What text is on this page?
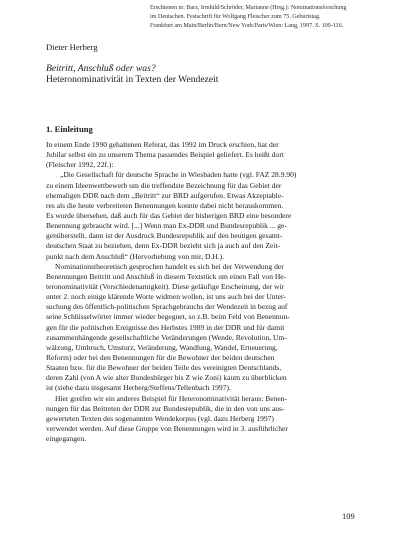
Erschienen in: Barz, Irmhild/Schröder, Marianne (Hrsg.): Nominationsforschung
im Deutschen. Festschrift für Wolfgang Fleischer zum 75. Geburtstag.
Frankfurt am Main/Berlin/Bern/New York/Paris/Wien: Lang, 1997. S. 109-116.
Dieter Herberg
Beitritt, Anschluß oder was?
Heteronominativität in Texten der Wendezeit
1. Einleitung
In einem Ende 1990 gehaltenen Referat, das 1992 im Druck erschien, hat der
Jubilar selbst ein zu unserem Thema passendes Beispiel geliefert. Es heißt dort
(Fleischer 1992, 22f.):
„Die Gesellschaft für deutsche Sprache in Wiesbaden hatte (vgl. FAZ 28.9.90)
zu einem Ideenwettbewerb um die treffendste Bezeichnung für das Gebiet der
ehemaligen DDR nach dem „Beitritt“ zur BRD aufgerufen. Etwas Akzeptable-
res als die heute verbreiteten Benennungen konnte dabei nicht herauskommen.
Es wurde übersehen, daß auch für das Gebiet der bisherigen BRD eine besondere
Benennung gebraucht wird. [...] Wenn man Ex-DDR und Bundesrepublik ... ge-
genüberstellt, dann ist der Ausdruck Bundesrepublik auf den heutigen gesamt-
deutschen Staat zu beziehen, denn Ex-DDR bezieht sich ja auch auf den Zeit-
punkt nach dem Anschluß“ (Hervorhebung von mir, D.H.).
Nominationstheoretisch gesprochen handelt es sich bei der Verwendung der
Benennungen Beitritt und Anschluß in diesem Textstück um einen Fall von He-
teronominativität (Verschiedenamigkeit). Diese geläufige Erscheinung, der wir
unter 2. noch einige klärende Worte widmen wollen, ist uns auch bei der Unter-
suchung des öffentlich-politischen Sprachgebrauchs der Wendezeit in bezug auf
seine Schlüsselwörter immer wieder begegnet, so z.B. beim Feld von Benennun-
gen für die politischen Ereignisse des Herbstes 1989 in der DDR und für damit
zusammenhängende gesellschaftliche Veränderungen (Wende, Revolution, Um-
wälzung, Umbruch, Umsturz, Veränderung, Wandlung, Wandel, Erneuerung,
Reform) oder bei den Benennungen für die Bewohner der beiden deutschen
Staaten bzw. für die Bewohner der beiden Teile des vereinigten Deutschlands,
deren Zahl (von A wie alter Bundesbürger bis Z wie Zoni) kaum zu überblicken
ist (siehe dazu insgesamt Herberg/Steffens/Tellenbach 1997).
Hier greifen wir ein anderes Beispiel für Heteronominativität heraus: Benen-
nungen für das Beitreten der DDR zur Bundesrepublik, die in den von uns aus-
gewerteten Texten des sogenannten Wendekorpus (vgl. dazu Herberg 1997)
verwendet werden. Auf diese Gruppe von Benennungen wird in 3. ausführlicher
eingegangen.
109
